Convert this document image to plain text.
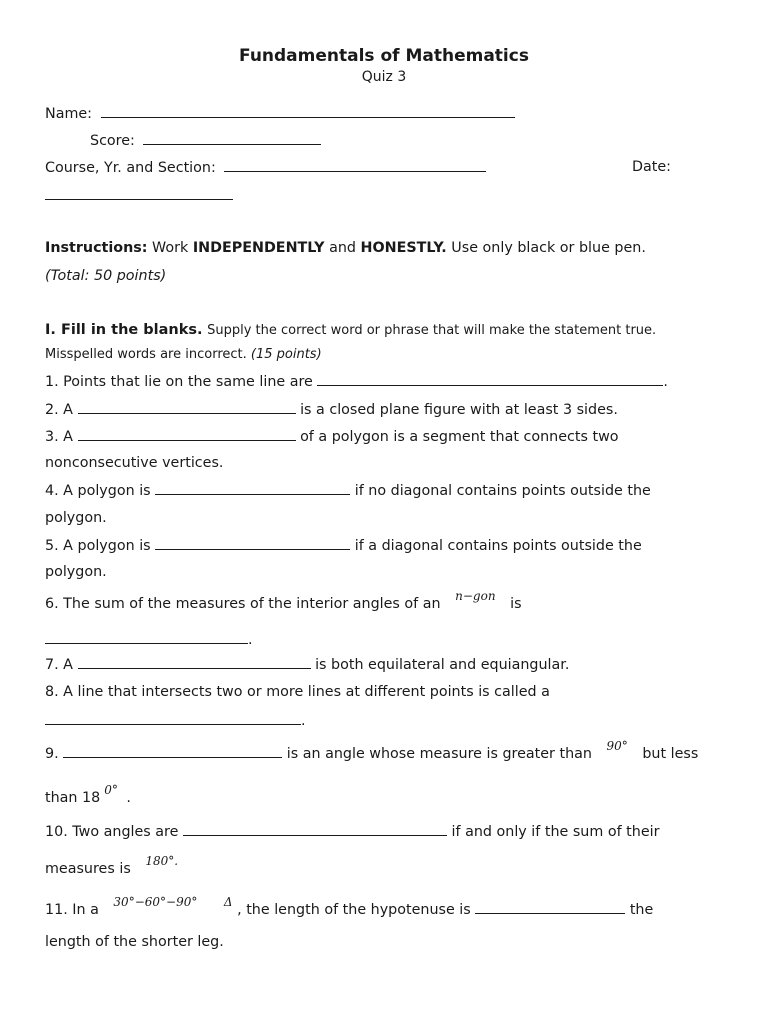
Fundamentals of Mathematics
Quiz 3
Name:
Score:
Course, Yr. and Section:	Date:
Instructions: Work INDEPENDENTLY and HONESTLY. Use only black or blue pen.
(Total: 50 points)
I. Fill in the blanks. Supply the correct word or phrase that will make the statement true.
Misspelled words are incorrect. (15 points)
1. Points that lie on the same line are	.
2. A	is a closed plane figure with at least 3 sides.
3. A	of a polygon is a segment that connects two
nonconsecutive vertices.
4. A polygon is	if no diagonal contains points outside the
polygon.
5. A polygon is	if a diagonal contains points outside the
polygon.
6. The sum of the measures of the interior angles of an $^{n-gon}$ is
.
7. A	is both equilateral and equiangular.
8. A line that intersects two or more lines at different points is called a
.
9.	is an angle whose measure is greater than $^{90^\circ}$ but less
than 18 $^{0^\circ}$ .
10. Two angles are	if and only if the sum of their
measures is $^{180^\circ.}$
11. In a $^{30^\circ-60^\circ-90^\circ}$ $^\Delta$ , the length of the hypotenuse is	the
length of the shorter leg.
